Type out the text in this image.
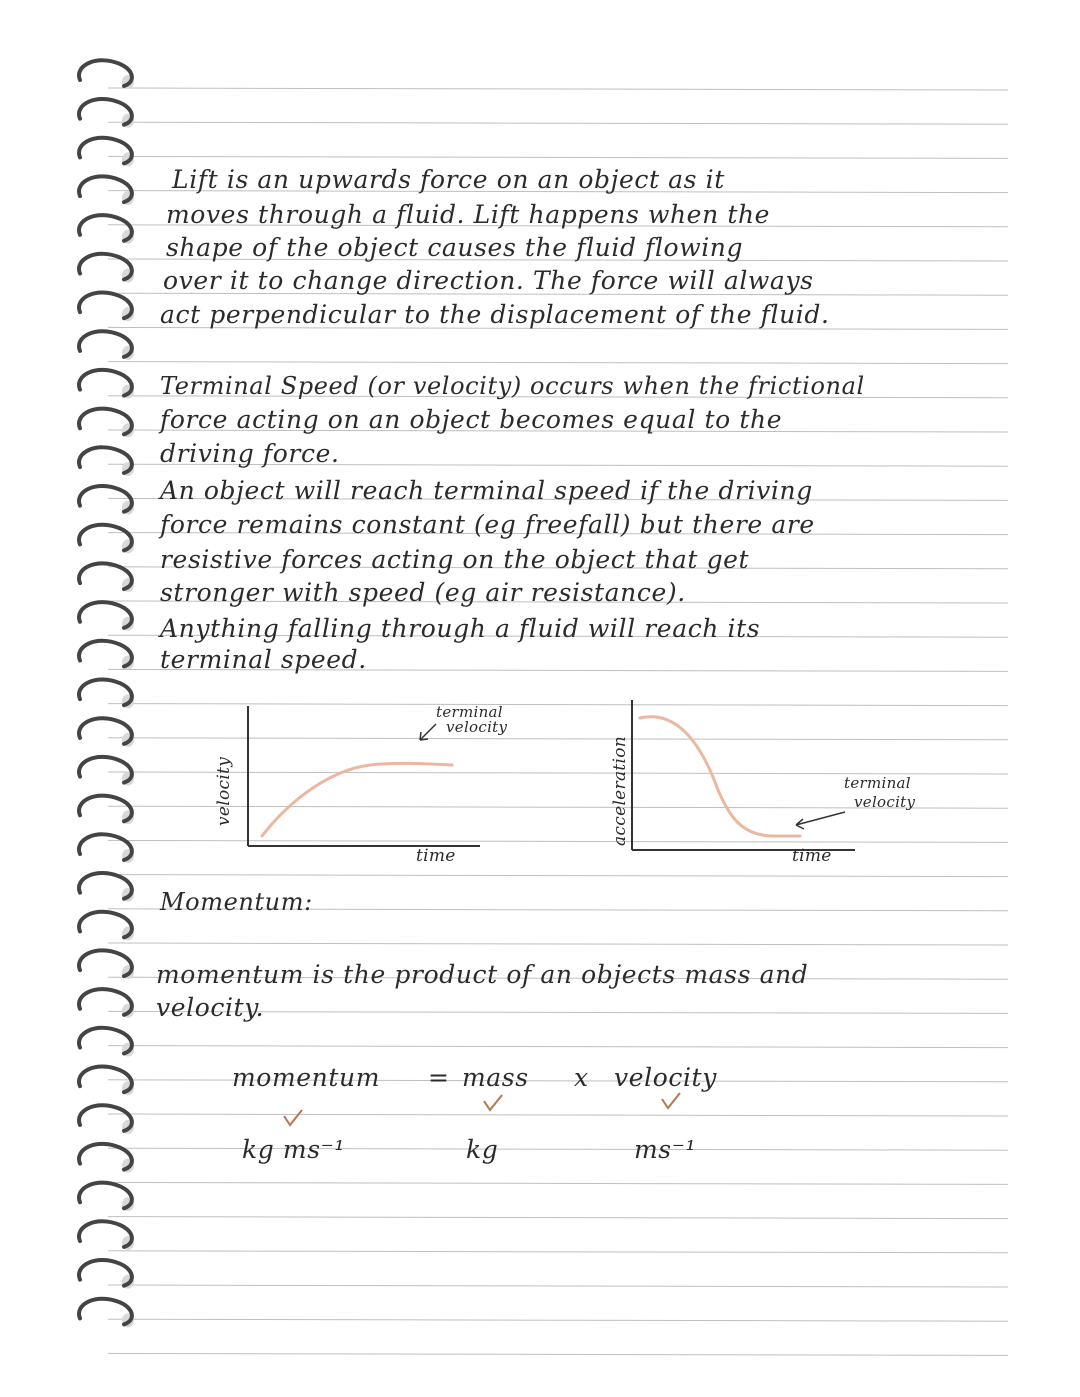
Lift is an upwards force on an object as it
moves through a fluid. Lift happens when the
shape of the object causes the fluid flowing
over it to change direction. The force will always
act perpendicular to the displacement of the fluid.
Terminal Speed (or velocity) occurs when the frictional
force acting on an object becomes equal to the
driving force.
An object will reach terminal speed if the driving
force remains constant (eg freefall) but there are
resistive forces acting on the object that get
stronger with speed (eg air resistance).
Anything falling through a fluid will reach its
terminal speed.
velocity
time
terminal
velocity
acceleration
time
terminal
velocity
Momentum:
momentum is the product of an objects mass and
velocity.
momentum	= mass	x	velocity
kg ms⁻¹	kg	ms⁻¹
